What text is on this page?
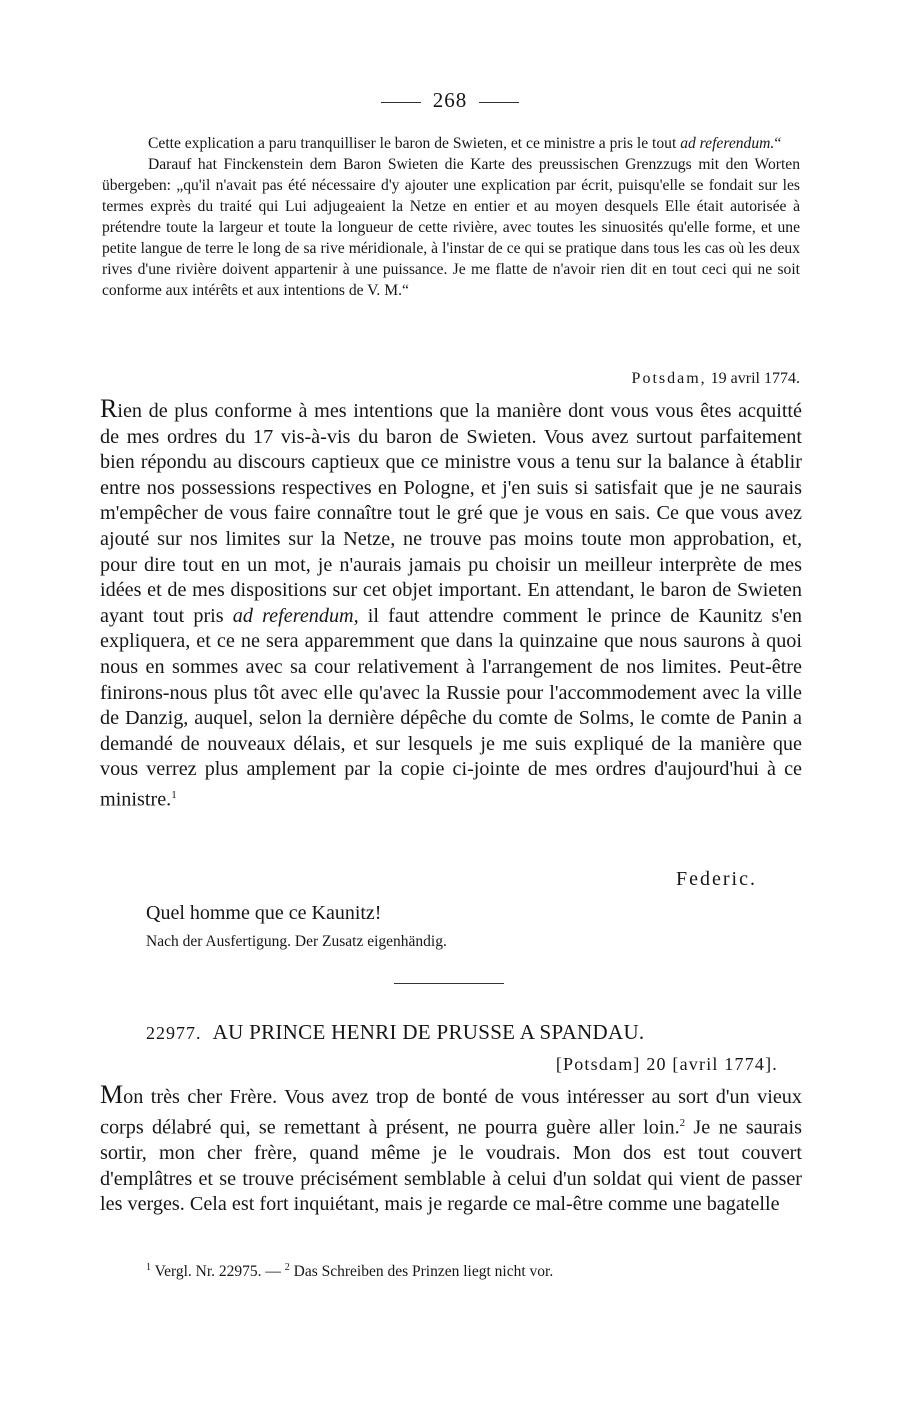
268

Cette explication a paru tranquilliser le baron de Swieten, et ce ministre a pris le tout ad referendum.“

Darauf hat Finckenstein dem Baron Swieten die Karte des preussischen Grenzzugs mit den Worten übergeben: „qu'il n'avait pas été nécessaire d'y ajouter une explication par écrit, puisqu'elle se fondait sur les termes exprès du traité qui Lui adjugeaient la Netze en entier et au moyen desquels Elle était autorisée à prétendre toute la largeur et toute la longueur de cette rivière, avec toutes les sinuosités qu'elle forme, et une petite langue de terre le long de sa rive méridionale, à l'instar de ce qui se pratique dans tous les cas où les deux rives d'une rivière doivent appartenir à une puissance. Je me flatte de n'avoir rien dit en tout ceci qui ne soit conforme aux intérêts et aux intentions de V. M.“

Potsdam, 19 avril 1774.

Rien de plus conforme à mes intentions que la manière dont vous vous êtes acquitté de mes ordres du 17 vis-à-vis du baron de Swieten. Vous avez surtout parfaitement bien répondu au discours captieux que ce ministre vous a tenu sur la balance à établir entre nos possessions respectives en Pologne, et j'en suis si satisfait que je ne saurais m'empêcher de vous faire connaître tout le gré que je vous en sais. Ce que vous avez ajouté sur nos limites sur la Netze, ne trouve pas moins toute mon approbation, et, pour dire tout en un mot, je n'aurais jamais pu choisir un meilleur interprète de mes idées et de mes dispositions sur cet objet important. En attendant, le baron de Swieten ayant tout pris ad referendum, il faut attendre comment le prince de Kaunitz s'en expliquera, et ce ne sera apparemment que dans la quinzaine que nous saurons à quoi nous en sommes avec sa cour relativement à l'arrangement de nos limites. Peut-être finirons-nous plus tôt avec elle qu'avec la Russie pour l'accommodement avec la ville de Danzig, auquel, selon la dernière dépêche du comte de Solms, le comte de Panin a demandé de nouveaux délais, et sur lesquels je me suis expliqué de la manière que vous verrez plus amplement par la copie ci-jointe de mes ordres d'aujourd'hui à ce ministre.$^1$

Federic.
Quel homme que ce Kaunitz!
Nach der Ausfertigung. Der Zusatz eigenhändig.
22977. AU PRINCE HENRI DE PRUSSE A SPANDAU.
[Potsdam] 20 [avril 1774].

Mon très cher Frère. Vous avez trop de bonté de vous intéresser au sort d'un vieux corps délabré qui, se remettant à présent, ne pourra guère aller loin.$^2$ Je ne saurais sortir, mon cher frère, quand même je le voudrais. Mon dos est tout couvert d'emplâtres et se trouve précisément semblable à celui d'un soldat qui vient de passer les verges. Cela est fort inquiétant, mais je regarde ce mal-être comme une bagatelle

$^1$ Vergl. Nr. 22975. — $^2$ Das Schreiben des Prinzen liegt nicht vor.
